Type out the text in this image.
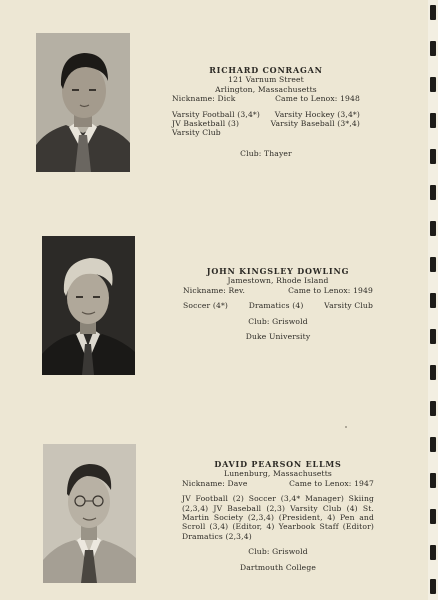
RICHARD CONRAGAN
121 Varnum Street
Arlington, Massachusetts
Nickname: Dick	Came to Lenox: 1948
Varsity Football (3,4*) Varsity Hockey (3,4*)
JV Basketball (3)	Varsity Baseball (3*,4)
Varsity Club
Club: Thayer
JOHN KINGSLEY DOWLING
Jamestown, Rhode Island
Nickname: Rev.	Came to Lenox: 1949
Soccer (4*)	Dramatics (4)	Varsity Club
Club: Griswold
Duke University
DAVID PEARSON ELLMS
Lunenburg, Massachusetts
Nickname: Dave	Came to Lenox: 1947
JV Football (2) Soccer (3,4* Manager) Skiing (2,3,4) JV Baseball (2,3) Varsity Club (4) St. Martin Society (2,3,4) (President, 4) Pen and Scroll (3,4) (Editor, 4) Yearbook Staff (Editor) Dramatics (2,3,4)
Club: Griswold
Dartmouth College
